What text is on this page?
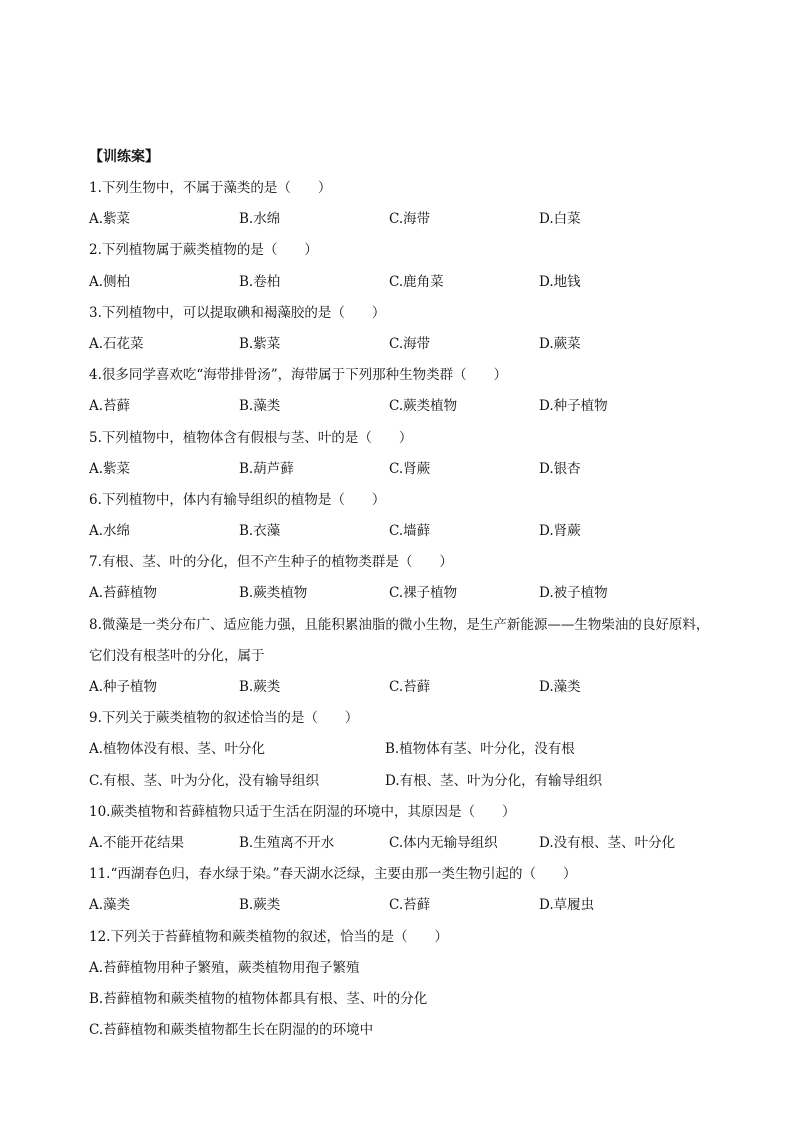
【训练案】
1.下列生物中，不属于藻类的是（　　）
A.紫菜	B.水绵	C.海带	D.白菜
2.下列植物属于蕨类植物的是（　　）
A.侧柏	B.卷柏	C.鹿角菜	D.地钱
3.下列植物中，可以提取碘和褐藻胶的是（　　）
A.石花菜	B.紫菜	C.海带	D.蕨菜
4.很多同学喜欢吃“海带排骨汤”，海带属于下列那种生物类群（　　）
A.苔藓	B.藻类	C.蕨类植物	D.种子植物
5.下列植物中，植物体含有假根与茎、叶的是（　　）
A.紫菜	B.葫芦藓	C.肾蕨	D.银杏
6.下列植物中，体内有输导组织的植物是（　　）
A.水绵	B.衣藻	C.墙藓	D.肾蕨
7.有根、茎、叶的分化，但不产生种子的植物类群是（　　）
A.苔藓植物	B.蕨类植物	C.裸子植物	D.被子植物
8.微藻是一类分布广、适应能力强，且能积累油脂的微小生物，是生产新能源——生物柴油的良好原料，它们没有根茎叶的分化，属于
A.种子植物	B.蕨类	C.苔藓	D.藻类
9.下列关于蕨类植物的叙述恰当的是（　　）
A.植物体没有根、茎、叶分化	B.植物体有茎、叶分化，没有根
C.有根、茎、叶为分化，没有输导组织	D.有根、茎、叶为分化，有输导组织
10.蕨类植物和苔藓植物只适于生活在阴湿的环境中，其原因是（　　）
A.不能开花结果	B.生殖离不开水	C.体内无输导组织	D.没有根、茎、叶分化
11.“西湖春色归，春水绿于染。”春天湖水泛绿，主要由那一类生物引起的（　　）
A.藻类	B.蕨类	C.苔藓	D.草履虫
12.下列关于苔藓植物和蕨类植物的叙述，恰当的是（　　）
A.苔藓植物用种子繁殖，蕨类植物用孢子繁殖
B.苔藓植物和蕨类植物的植物体都具有根、茎、叶的分化
C.苔藓植物和蕨类植物都生长在阴湿的的环境中
